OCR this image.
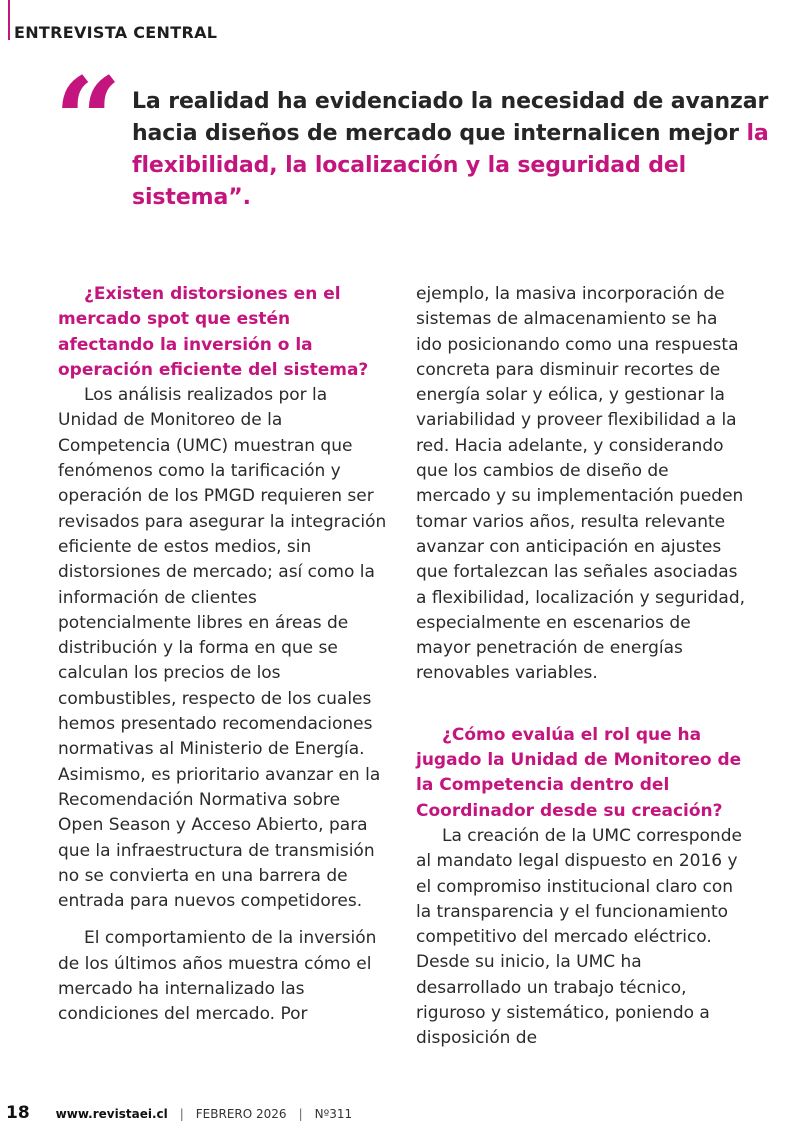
ENTREVISTA CENTRAL
“ La realidad ha evidenciado la necesidad de avanzar hacia diseños de mercado que internalicen mejor la flexibilidad, la localización y la seguridad del sistema”.

¿Existen distorsiones en el mercado spot que estén afectando la inversión o la operación eficiente del sistema?

Los análisis realizados por la Unidad de Monitoreo de la Competencia (UMC) muestran que fenómenos como la tarificación y operación de los PMGD requieren ser revisados para asegurar la integración eficiente de estos medios, sin distorsiones de mercado; así como la información de clientes potencialmente libres en áreas de distribución y la forma en que se calculan los precios de los combustibles, respecto de los cuales hemos presentado recomendaciones normativas al Ministerio de Energía. Asimismo, es prioritario avanzar en la Recomendación Normativa sobre Open Season y Acceso Abierto, para que la infraestructura de transmisión no se convierta en una barrera de entrada para nuevos competidores.

El comportamiento de la inversión de los últimos años muestra cómo el mercado ha internalizado las condiciones del mercado. Por

ejemplo, la masiva incorporación de sistemas de almacenamiento se ha ido posicionando como una respuesta concreta para disminuir recortes de energía solar y eólica, y gestionar la variabilidad y proveer flexibilidad a la red. Hacia adelante, y considerando que los cambios de diseño de mercado y su implementación pueden tomar varios años, resulta relevante avanzar con anticipación en ajustes que fortalezcan las señales asociadas a flexibilidad, localización y seguridad, especialmente en escenarios de mayor penetración de energías renovables variables.

¿Cómo evalúa el rol que ha jugado la Unidad de Monitoreo de la Competencia dentro del Coordinador desde su creación?

La creación de la UMC corresponde al mandato legal dispuesto en 2016 y el compromiso institucional claro con la transparencia y el funcionamiento competitivo del mercado eléctrico. Desde su inicio, la UMC ha desarrollado un trabajo técnico, riguroso y sistemático, poniendo a disposición de

18 www.revistaei.cl | FEBRERO 2026 | Nº311
